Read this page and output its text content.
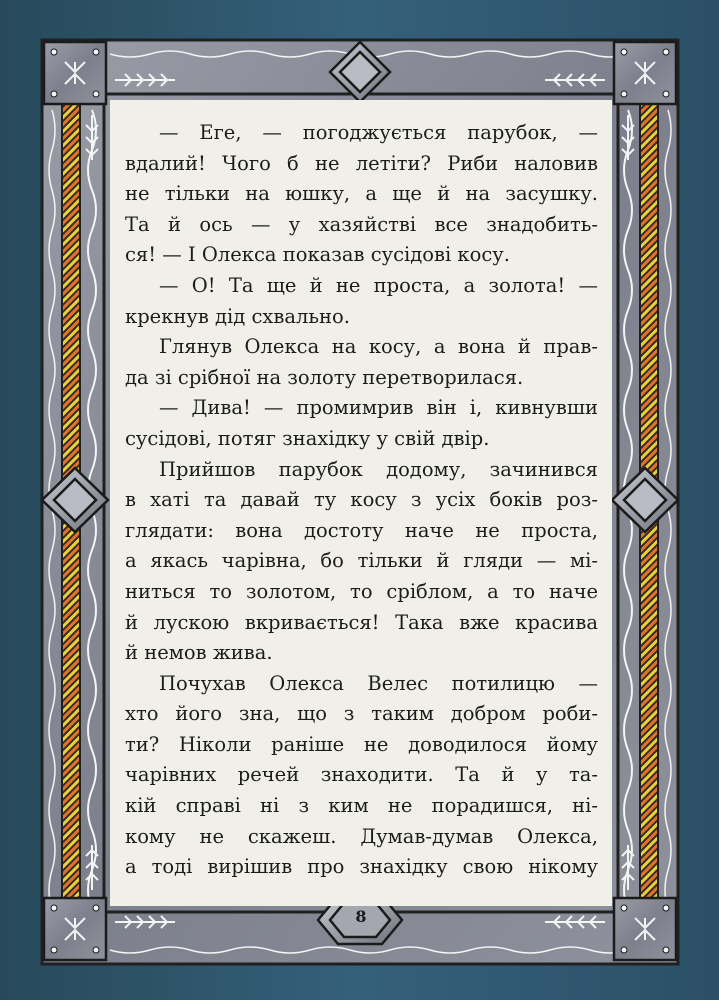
— Еге, — погоджується парубок, —
вдалий! Чого б не летіти? Риби наловив
не тільки на юшку, а ще й на засушку.
Та й ось — у хазяйстві все знадобить-
ся! — І Олекса показав сусідові косу.
— О! Та ще й не проста, а золота! —
крекнув дід схвально.
Глянув Олекса на косу, а вона й прав-
да зі срібної на золоту перетворилася.
— Дива! — промимрив він і, кивнувши
сусідові, потяг знахідку у свій двір.
Прийшов парубок додому, зачинився
в хаті та давай ту косу з усіх боків роз-
глядати: вона достоту наче не проста,
а якась чарівна, бо тільки й гляди — мі-
ниться то золотом, то сріблом, а то наче
й лускою вкривається! Така вже красива
й немов жива.
Почухав Олекса Велес потилицю —
хто його зна, що з таким добром роби-
ти? Ніколи раніше не доводилося йому
чарівних речей знаходити. Та й у та-
кій справі ні з ким не порадишся, ні-
кому не скажеш. Думав-думав Олекса,
а тоді вирішив про знахідку свою нікому
8
